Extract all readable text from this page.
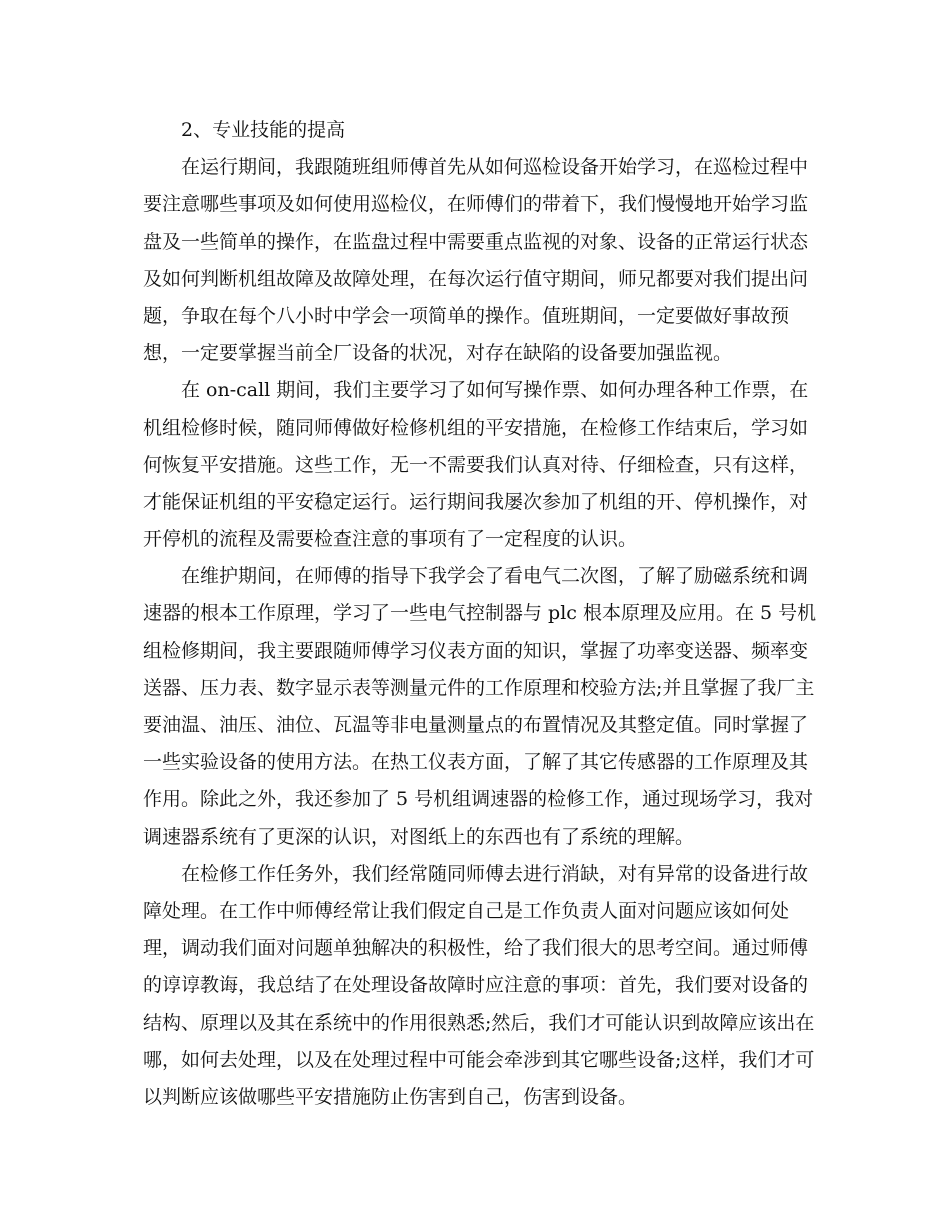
2、专业技能的提高
在运行期间，我跟随班组师傅首先从如何巡检设备开始学习，在巡检过程中
要注意哪些事项及如何使用巡检仪，在师傅们的带着下，我们慢慢地开始学习监
盘及一些简单的操作，在监盘过程中需要重点监视的对象、设备的正常运行状态
及如何判断机组故障及故障处理，在每次运行值守期间，师兄都要对我们提出问
题，争取在每个八小时中学会一项简单的操作。值班期间，一定要做好事故预
想，一定要掌握当前全厂设备的状况，对存在缺陷的设备要加强监视。
在 on-call 期间，我们主要学习了如何写操作票、如何办理各种工作票，在
机组检修时候，随同师傅做好检修机组的平安措施，在检修工作结束后，学习如
何恢复平安措施。这些工作，无一不需要我们认真对待、仔细检查，只有这样，
才能保证机组的平安稳定运行。运行期间我屡次参加了机组的开、停机操作，对
开停机的流程及需要检查注意的事项有了一定程度的认识。
在维护期间，在师傅的指导下我学会了看电气二次图，了解了励磁系统和调
速器的根本工作原理，学习了一些电气控制器与 plc 根本原理及应用。在 5 号机
组检修期间，我主要跟随师傅学习仪表方面的知识，掌握了功率变送器、频率变
送器、压力表、数字显示表等测量元件的工作原理和校验方法;并且掌握了我厂主
要油温、油压、油位、瓦温等非电量测量点的布置情况及其整定值。同时掌握了
一些实验设备的使用方法。在热工仪表方面，了解了其它传感器的工作原理及其
作用。除此之外，我还参加了 5 号机组调速器的检修工作，通过现场学习，我对
调速器系统有了更深的认识，对图纸上的东西也有了系统的理解。
在检修工作任务外，我们经常随同师傅去进行消缺，对有异常的设备进行故
障处理。在工作中师傅经常让我们假定自己是工作负责人面对问题应该如何处
理，调动我们面对问题单独解决的积极性，给了我们很大的思考空间。通过师傅
的谆谆教诲，我总结了在处理设备故障时应注意的事项：首先，我们要对设备的
结构、原理以及其在系统中的作用很熟悉;然后，我们才可能认识到故障应该出在
哪，如何去处理，以及在处理过程中可能会牵涉到其它哪些设备;这样，我们才可
以判断应该做哪些平安措施防止伤害到自己，伤害到设备。
